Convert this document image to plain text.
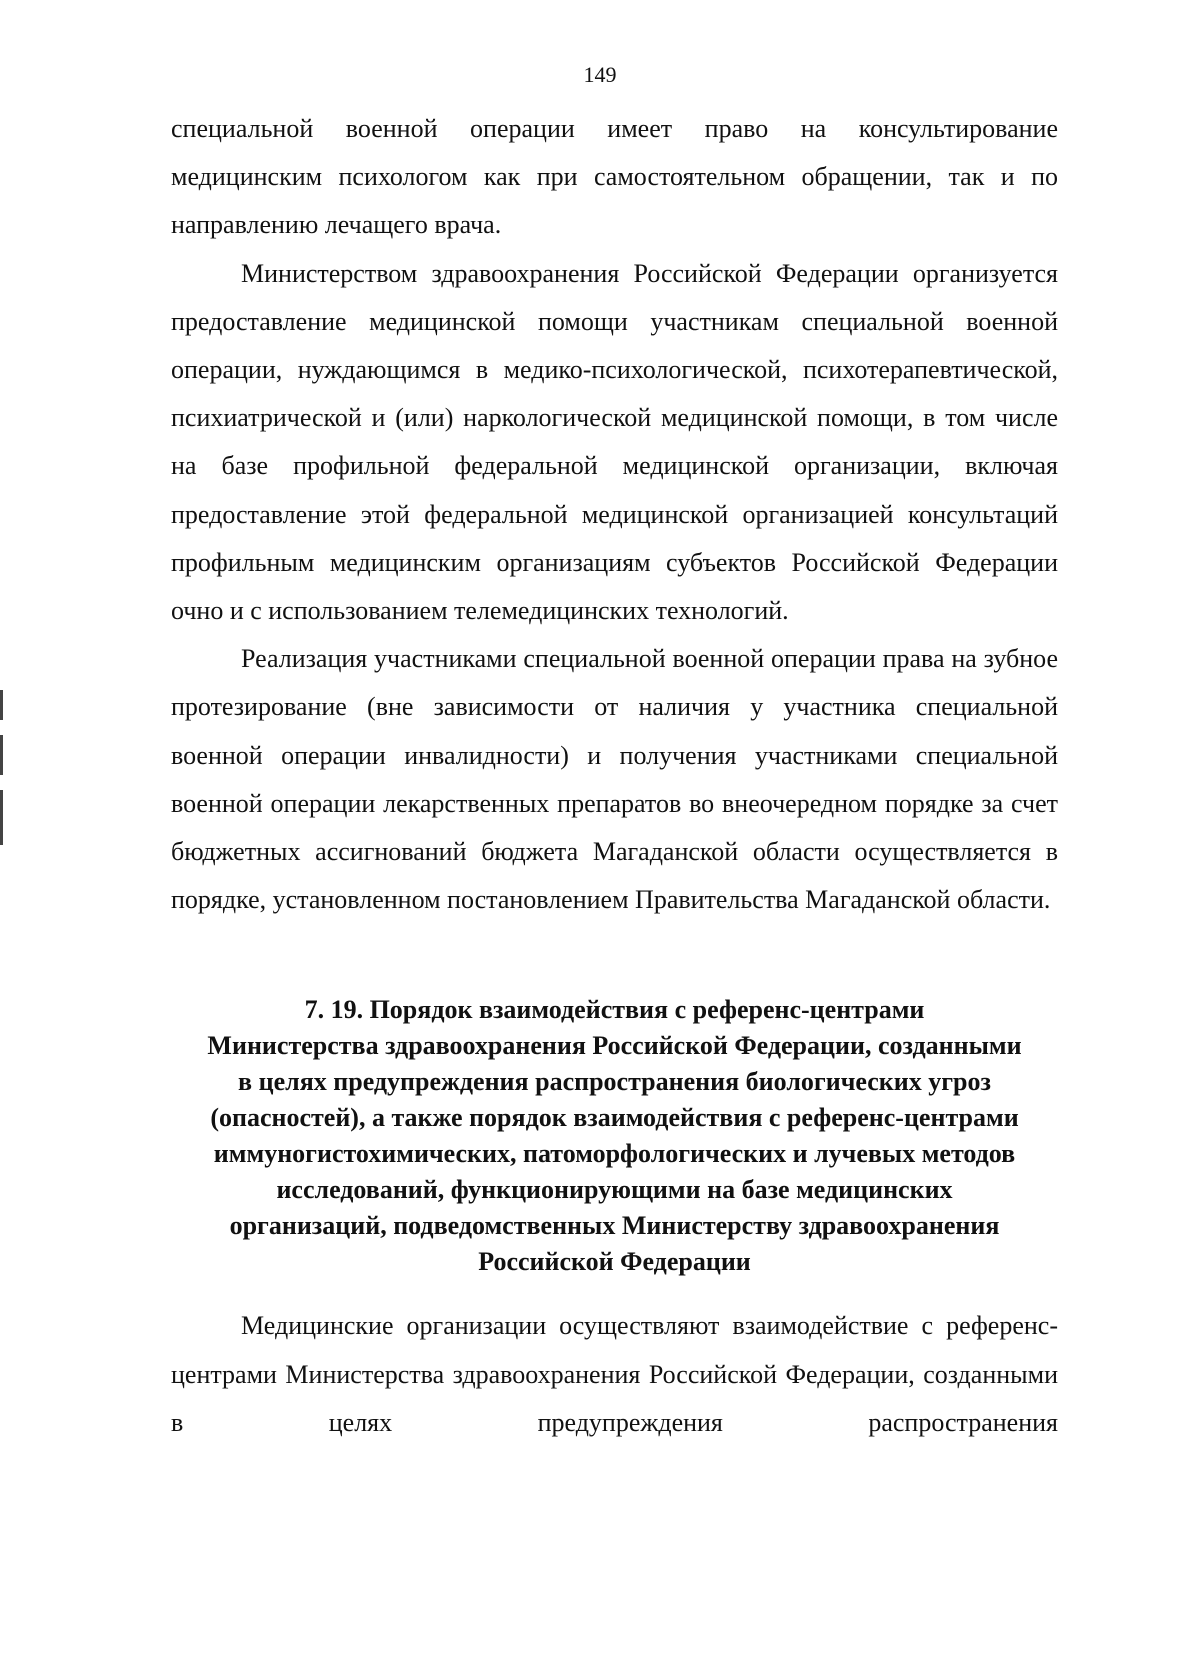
149

специальной военной операции имеет право на консультирование медицинским психологом как при самостоятельном обращении, так и по направлению лечащего врача.

Министерством здравоохранения Российской Федерации организуется предоставление медицинской помощи участникам специальной военной операции, нуждающимся в медико-психологической, психотерапевтической, психиатрической и (или) наркологической медицинской помощи, в том числе на базе профильной федеральной медицинской организации, включая предоставление этой федеральной медицинской организацией консультаций профильным медицинским организациям субъектов Российской Федерации очно и с использованием телемедицинских технологий.

Реализация участниками специальной военной операции права на зубное протезирование (вне зависимости от наличия у участника специальной военной операции инвалидности) и получения участниками специальной военной операции лекарственных препаратов во внеочередном порядке за счет бюджетных ассигнований бюджета Магаданской области осуществляется в порядке, установленном постановлением Правительства Магаданской области.

7. 19. Порядок взаимодействия с референс-центрами
Министерства здравоохранения Российской Федерации, созданными
в целях предупреждения распространения биологических угроз
(опасностей), а также порядок взаимодействия с референс-центрами
иммуногистохимических, патоморфологических и лучевых методов
исследований, функционирующими на базе медицинских
организаций, подведомственных Министерству здравоохранения
Российской Федерации

Медицинские организации осуществляют взаимодействие с референс-центрами Министерства здравоохранения Российской Федерации, созданными в целях предупреждения распространения
